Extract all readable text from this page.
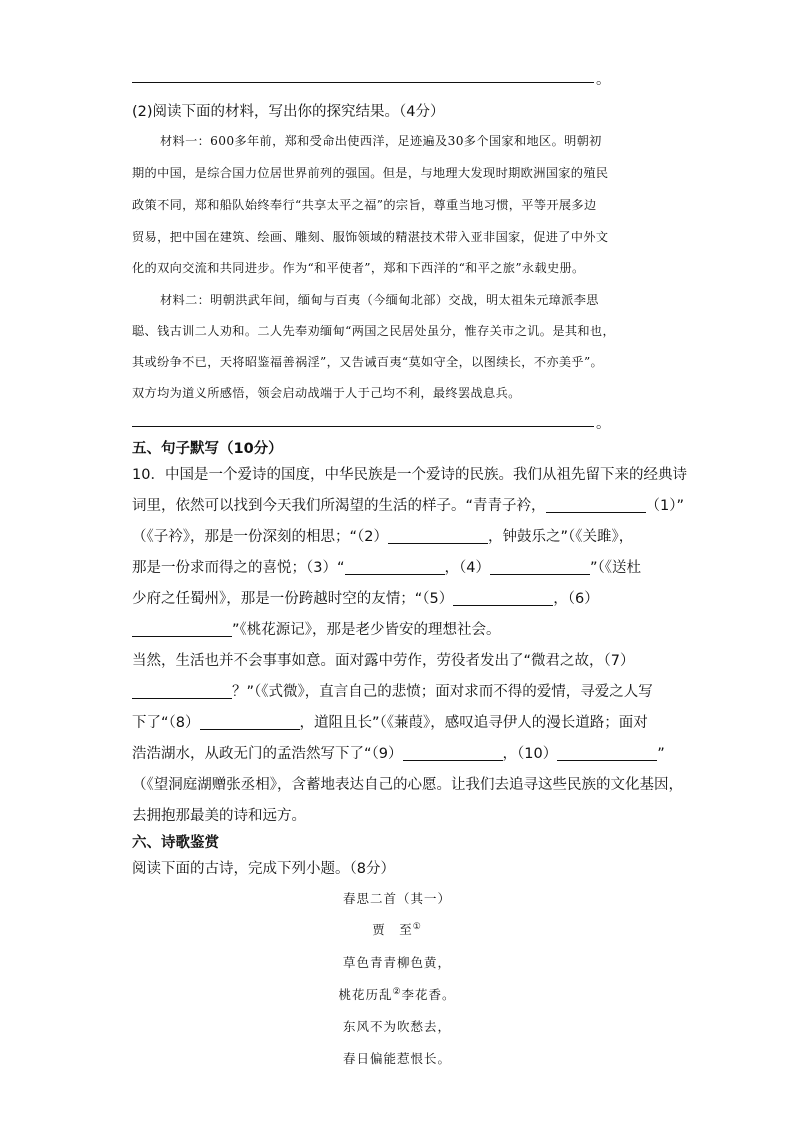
。
(2)阅读下面的材料，写出你的探究结果。（4分）
材料一：600多年前，郑和受命出使西洋，足迹遍及30多个国家和地区。明朝初
期的中国，是综合国力位居世界前列的强国。但是，与地理大发现时期欧洲国家的殖民
政策不同，郑和船队始终奉行“共享太平之福”的宗旨，尊重当地习惯，平等开展多边
贸易，把中国在建筑、绘画、雕刻、服饰领域的精湛技术带入亚非国家，促进了中外文
化的双向交流和共同进步。作为“和平使者”，郑和下西洋的“和平之旅”永载史册。
材料二：明朝洪武年间，缅甸与百夷（今缅甸北部）交战，明太祖朱元璋派李思
聪、钱古训二人劝和。二人先奉劝缅甸“两国之民居处虽分，惟存关市之讥。是其和也，
其或纷争不已，天将昭鉴福善祸淫”，又告诫百夷“莫如守全，以图续长，不亦美乎”。
双方均为道义所感悟，领会启动战端于人于己均不利，最终罢战息兵。
。
五、句子默写（10分）
10．中国是一个爱诗的国度，中华民族是一个爱诗的民族。我们从祖先留下来的经典诗
词里，依然可以找到今天我们所渴望的生活的样子。“青青子衿，	（1）”
（《子衿》，那是一份深刻的相思；“（2）	，钟鼓乐之”（《关雎》，
那是一份求而得之的喜悦；（3）“	，（4）	”（《送杜
少府之任蜀州》，那是一份跨越时空的友情；“（5）	，（6）
”《桃花源记》，那是老少皆安的理想社会。
当然，生活也并不会事事如意。面对露中劳作，劳役者发出了“微君之故，（7）
？”（《式微》，直言自己的悲愤；面对求而不得的爱情，寻爱之人写
下了“（8）	，道阻且长”（《蒹葭》，感叹追寻伊人的漫长道路；面对
浩浩湖水，从政无门的孟浩然写下了“（9）	，（10）	”
（《望洞庭湖赠张丞相》，含蓄地表达自己的心愿。让我们去追寻这些民族的文化基因，
去拥抱那最美的诗和远方。
六、诗歌鉴赏
阅读下面的古诗，完成下列小题。（8分）
春思二首（其一）
贾　至①
草色青青柳色黄，
桃花历乱②李花香。
东风不为吹愁去，
春日偏能惹恨长。
